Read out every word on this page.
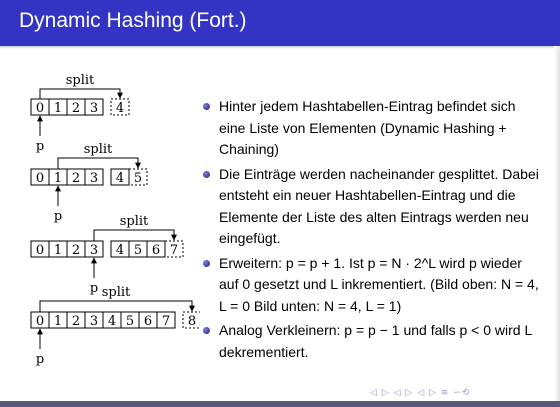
Dynamic Hashing (Fort.)
0 1 2 3 4
split
p
0 1 2 3 4 5
split
p
0 1 2 3 4 5 6 7
split
p
0 1 2 3 4 5 6 7 8
split
p
Hinter jedem Hashtabellen-Eintrag befindet sich eine Liste von Elementen (Dynamic Hashing + Chaining)
Die Einträge werden nacheinander gesplittet. Dabei entsteht ein neuer Hashtabellen-Eintrag und die Elemente der Liste des alten Eintrags werden neu eingefügt.
Erweitern: p = p + 1. Ist p = N · 2^L wird p wieder auf 0 gesetzt und L inkrementiert. (Bild oben: N = 4, L = 0 Bild unten: N = 4, L = 1)
Analog Verkleinern: p = p − 1 und falls p < 0 wird L dekrementiert.
◁ ▷ ◁ ▷ ◁ ▷ ≡ ∽⟲
